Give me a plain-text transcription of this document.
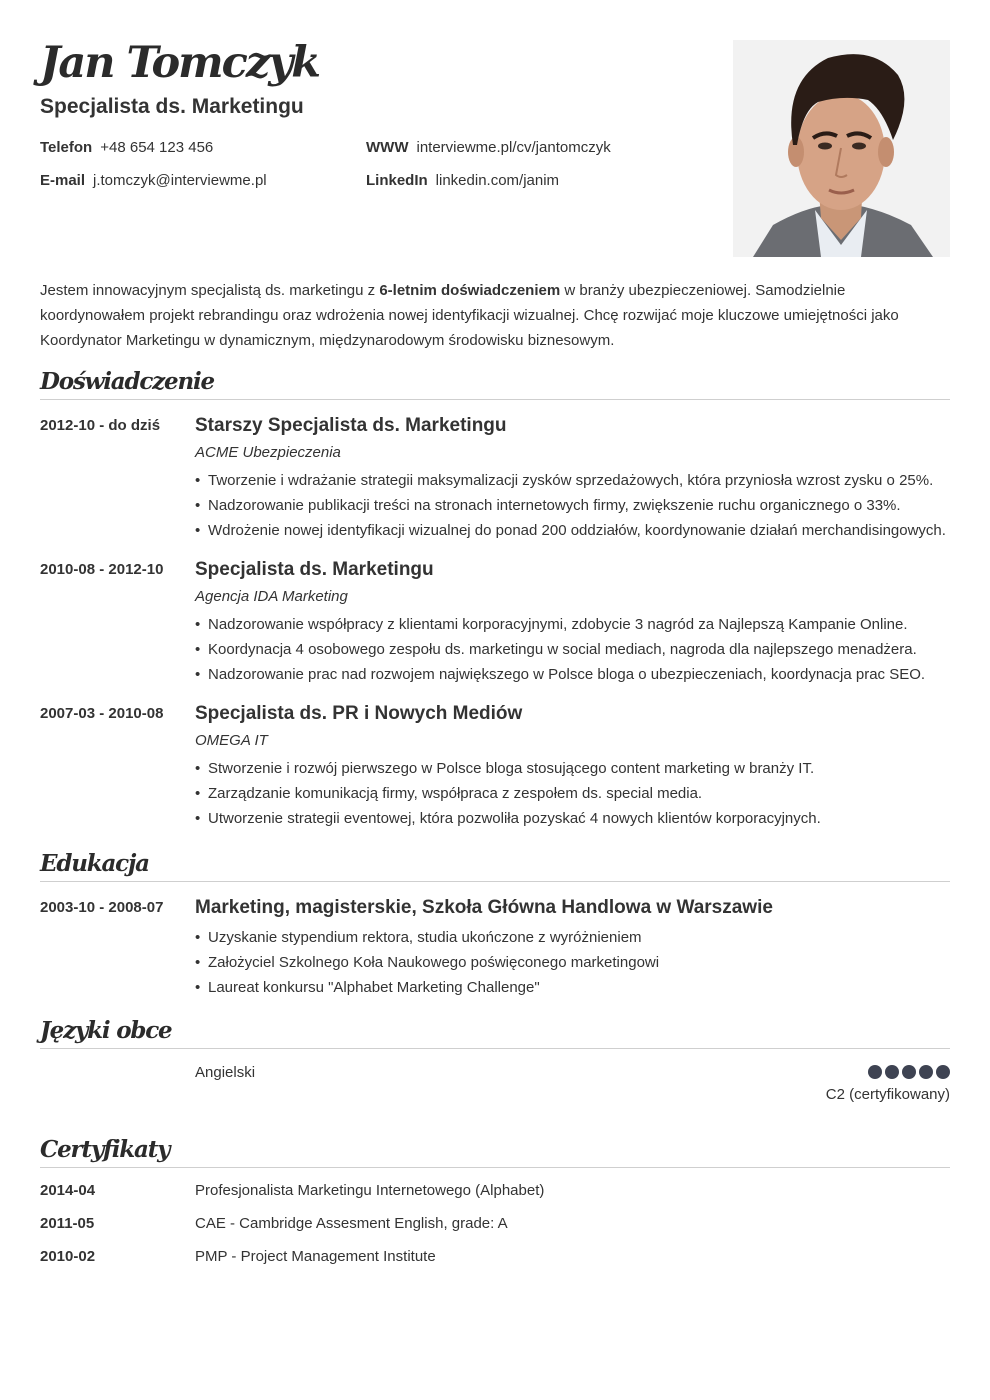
Jan Tomczyk
Specjalista ds. Marketingu
Telefon +48 654 123 456
E-mail j.tomczyk@interviewme.pl
WWW interviewme.pl/cv/jantomczyk
LinkedIn linkedin.com/janim
Jestem innowacyjnym specjalistą ds. marketingu z 6-letnim doświadczeniem w branży ubezpieczeniowej. Samodzielnie koordynowałem projekt rebrandingu oraz wdrożenia nowej identyfikacji wizualnej. Chcę rozwijać moje kluczowe umiejętności jako Koordynator Marketingu w dynamicznym, międzynarodowym środowisku biznesowym.
Doświadczenie
2012-10 - do dziś Starszy Specjalista ds. Marketingu
ACME Ubezpieczenia
• Tworzenie i wdrażanie strategii maksymalizacji zysków sprzedażowych, która przyniosła wzrost zysku o 25%.
• Nadzorowanie publikacji treści na stronach internetowych firmy, zwiększenie ruchu organicznego o 33%.
• Wdrożenie nowej identyfikacji wizualnej do ponad 200 oddziałów, koordynowanie działań merchandisingowych.
2010-08 - 2012-10 Specjalista ds. Marketingu
Agencja IDA Marketing
• Nadzorowanie współpracy z klientami korporacyjnymi, zdobycie 3 nagród za Najlepszą Kampanie Online.
• Koordynacja 4 osobowego zespołu ds. marketingu w social mediach, nagroda dla najlepszego menadżera.
• Nadzorowanie prac nad rozwojem największego w Polsce bloga o ubezpieczeniach, koordynacja prac SEO.
2007-03 - 2010-08 Specjalista ds. PR i Nowych Mediów
OMEGA IT
• Stworzenie i rozwój pierwszego w Polsce bloga stosującego content marketing w branży IT.
• Zarządzanie komunikacją firmy, współpraca z zespołem ds. special media.
• Utworzenie strategii eventowej, która pozwoliła pozyskać 4 nowych klientów korporacyjnych.
Edukacja
2003-10 - 2008-07 Marketing, magisterskie, Szkoła Główna Handlowa w Warszawie
• Uzyskanie stypendium rektora, studia ukończone z wyróżnieniem
• Założyciel Szkolnego Koła Naukowego poświęconego marketingowi
• Laureat konkursu "Alphabet Marketing Challenge"
Języki obce
Angielski
C2 (certyfikowany)
Certyfikaty
2014-04	Profesjonalista Marketingu Internetowego (Alphabet)
2011-05	CAE - Cambridge Assesment English, grade: A
2010-02	PMP - Project Management Institute
